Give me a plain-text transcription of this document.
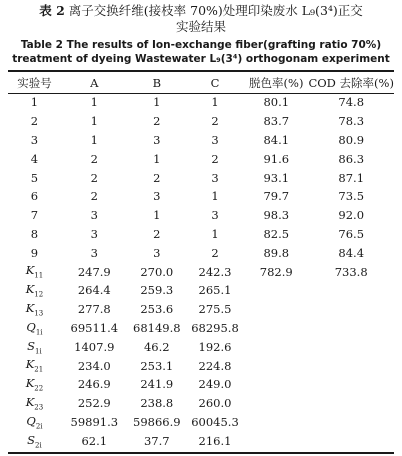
表 2 离子交换纤维(接枝率 70%)处理印染废水 L₉(3⁴)正交
实验结果
Table 2 The results of Ion-exchange fiber(grafting ratio 70%)
treatment of dyeing Wastewater L₉(3⁴) orthogonam experiment
实验号	A	B	C	脱色率(%)	COD 去除率(%)
1	1	1	1	80.1	74.8
2	1	2	2	83.7	78.3
3	1	3	3	84.1	80.9
4	2	1	2	91.6	86.3
5	2	2	3	93.1	87.1
6	2	3	1	79.7	73.5
7	3	1	3	98.3	92.0
8	3	2	1	82.5	76.5
9	3	3	2	89.8	84.4
$K_{11}$	247.9	270.0	242.3	782.9	733.8
$K_{12}$	264.4	259.3	265.1		
$K_{13}$	277.8	253.6	275.5		
$Q_{1i}$	69511.4	68149.8	68295.8		
$S_{1i}$	1407.9	46.2	192.6		
$K_{21}$	234.0	253.1	224.8		
$K_{22}$	246.9	241.9	249.0		
$K_{23}$	252.9	238.8	260.0		
$Q_{2i}$	59891.3	59866.9	60045.3		
$S_{2i}$	62.1	37.7	216.1		
